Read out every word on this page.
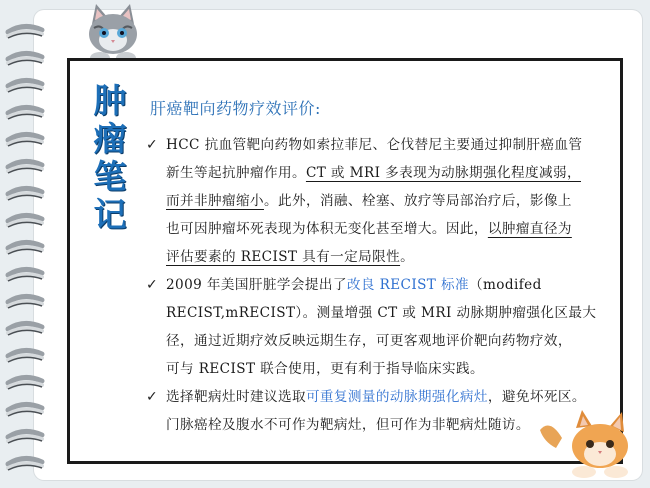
肿
瘤
笔
记
肝癌靶向药物疗效评价:
✓ HCC 抗血管靶向药物如索拉菲尼、仑伐替尼主要通过抑制肝癌血管
新生等起抗肿瘤作用。CT 或 MRI 多表现为动脉期强化程度减弱，
而并非肿瘤缩小。此外，消融、栓塞、放疗等局部治疗后，影像上
也可因肿瘤坏死表现为体积无变化甚至增大。因此，以肿瘤直径为
评估要素的 RECIST 具有一定局限性。
✓ 2009 年美国肝脏学会提出了改良 RECIST 标准（modifed
RECIST,mRECIST）。测量增强 CT 或 MRI 动脉期肿瘤强化区最大
径，通过近期疗效反映远期生存，可更客观地评价靶向药物疗效，
可与 RECIST 联合使用，更有利于指导临床实践。
✓ 选择靶病灶时建议选取可重复测量的动脉期强化病灶，避免坏死区。
门脉癌栓及腹水不可作为靶病灶，但可作为非靶病灶随访。
